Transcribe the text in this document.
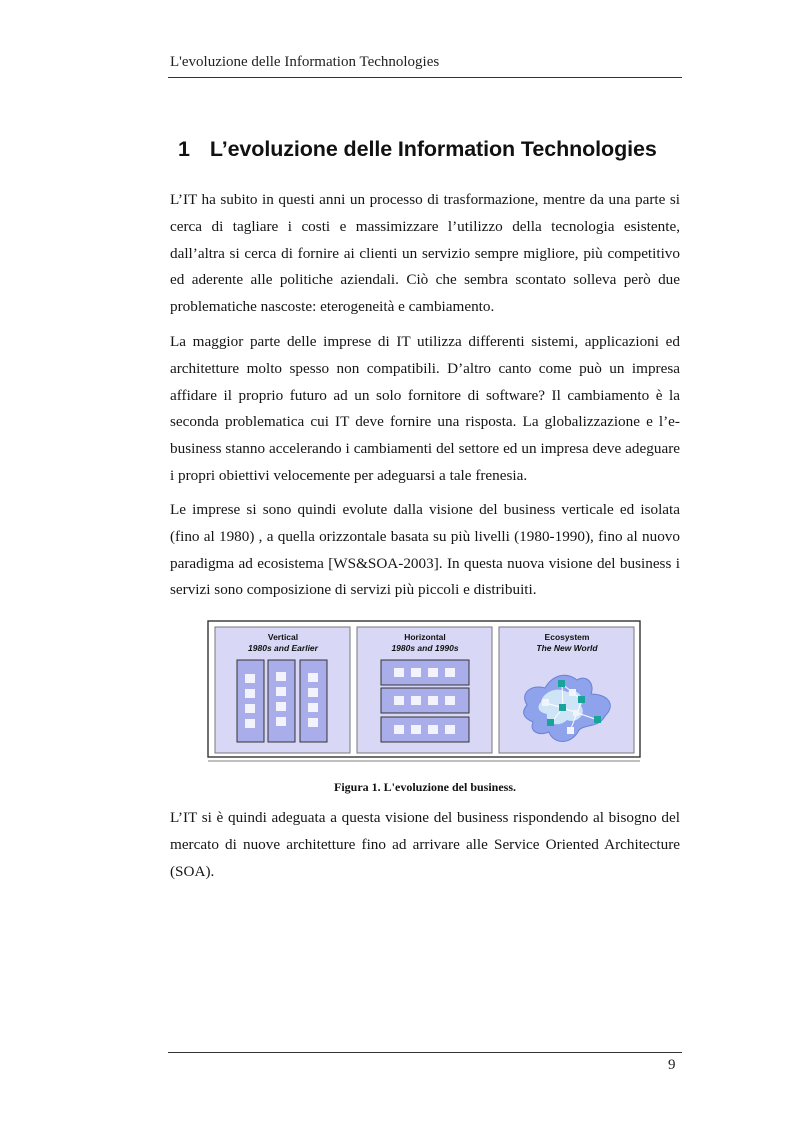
L'evoluzione delle Information Technologies
1 L’evoluzione delle Information Technologies

L’IT ha subito in questi anni un processo di trasformazione, mentre da una parte si cerca di tagliare i costi e massimizzare l’utilizzo della tecnologia esistente, dall’altra si cerca di fornire ai clienti un servizio sempre migliore, più competitivo ed aderente alle politiche aziendali. Ciò che sembra scontato solleva però due problematiche nascoste: eterogeneità e cambiamento.

La maggior parte delle imprese di IT utilizza differenti sistemi, applicazioni ed architetture molto spesso non compatibili. D’altro canto come può un impresa affidare il proprio futuro ad un solo fornitore di software? Il cambiamento è la seconda problematica cui IT deve fornire una risposta. La globalizzazione e l’e-business stanno accelerando i cambiamenti del settore ed un impresa deve adeguare i propri obiettivi velocemente per adeguarsi a tale frenesia.

Le imprese si sono quindi evolute dalla visione del business verticale ed isolata (fino al 1980) , a quella orizzontale basata su più livelli (1980-1990), fino al nuovo paradigma ad ecosistema [WS&SOA-2003]. In questa nuova visione del business i servizi sono composizione di servizi più piccoli e distribuiti.

Vertical
1980s and Earlier
Horizontal
1980s and 1990s
Ecosystem
The New World
Figura 1. L'evoluzione del business.

L’IT si è quindi adeguata a questa visione del business rispondendo al bisogno del mercato di nuove architetture fino ad arrivare alle Service Oriented Architecture (SOA).

9
